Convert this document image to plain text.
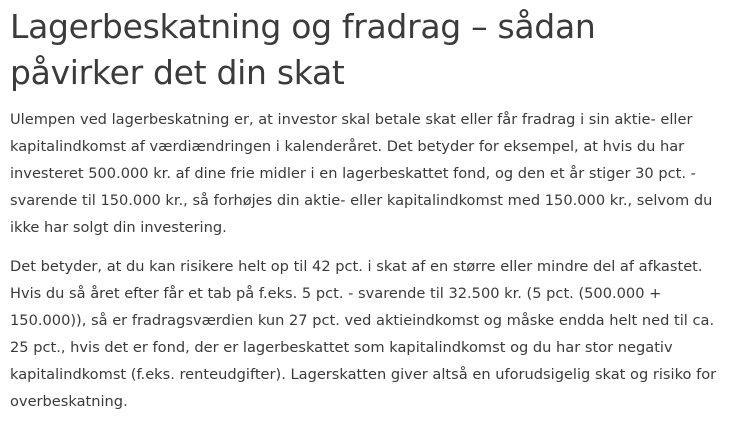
Lagerbeskatning og fradrag – sådan påvirker det din skat

Ulempen ved lagerbeskatning er, at investor skal betale skat eller får fradrag i sin aktie- eller kapitalindkomst af værdiændringen i kalenderåret. Det betyder for eksempel, at hvis du har investeret 500.000 kr. af dine frie midler i en lagerbeskattet fond, og den et år stiger 30 pct. - svarende til 150.000 kr., så forhøjes din aktie- eller kapitalindkomst med 150.000 kr., selvom du ikke har solgt din investering.

Det betyder, at du kan risikere helt op til 42 pct. i skat af en større eller mindre del af afkastet. Hvis du så året efter får et tab på f.eks. 5 pct. - svarende til 32.500 kr. (5 pct. (500.000 + 150.000)), så er fradragsværdien kun 27 pct. ved aktieindkomst og måske endda helt ned til ca. 25 pct., hvis det er fond, der er lagerbeskattet som kapitalindkomst og du har stor negativ kapitalindkomst (f.eks. renteudgifter). Lagerskatten giver altså en uforudsigelig skat og risiko for overbeskatning.
